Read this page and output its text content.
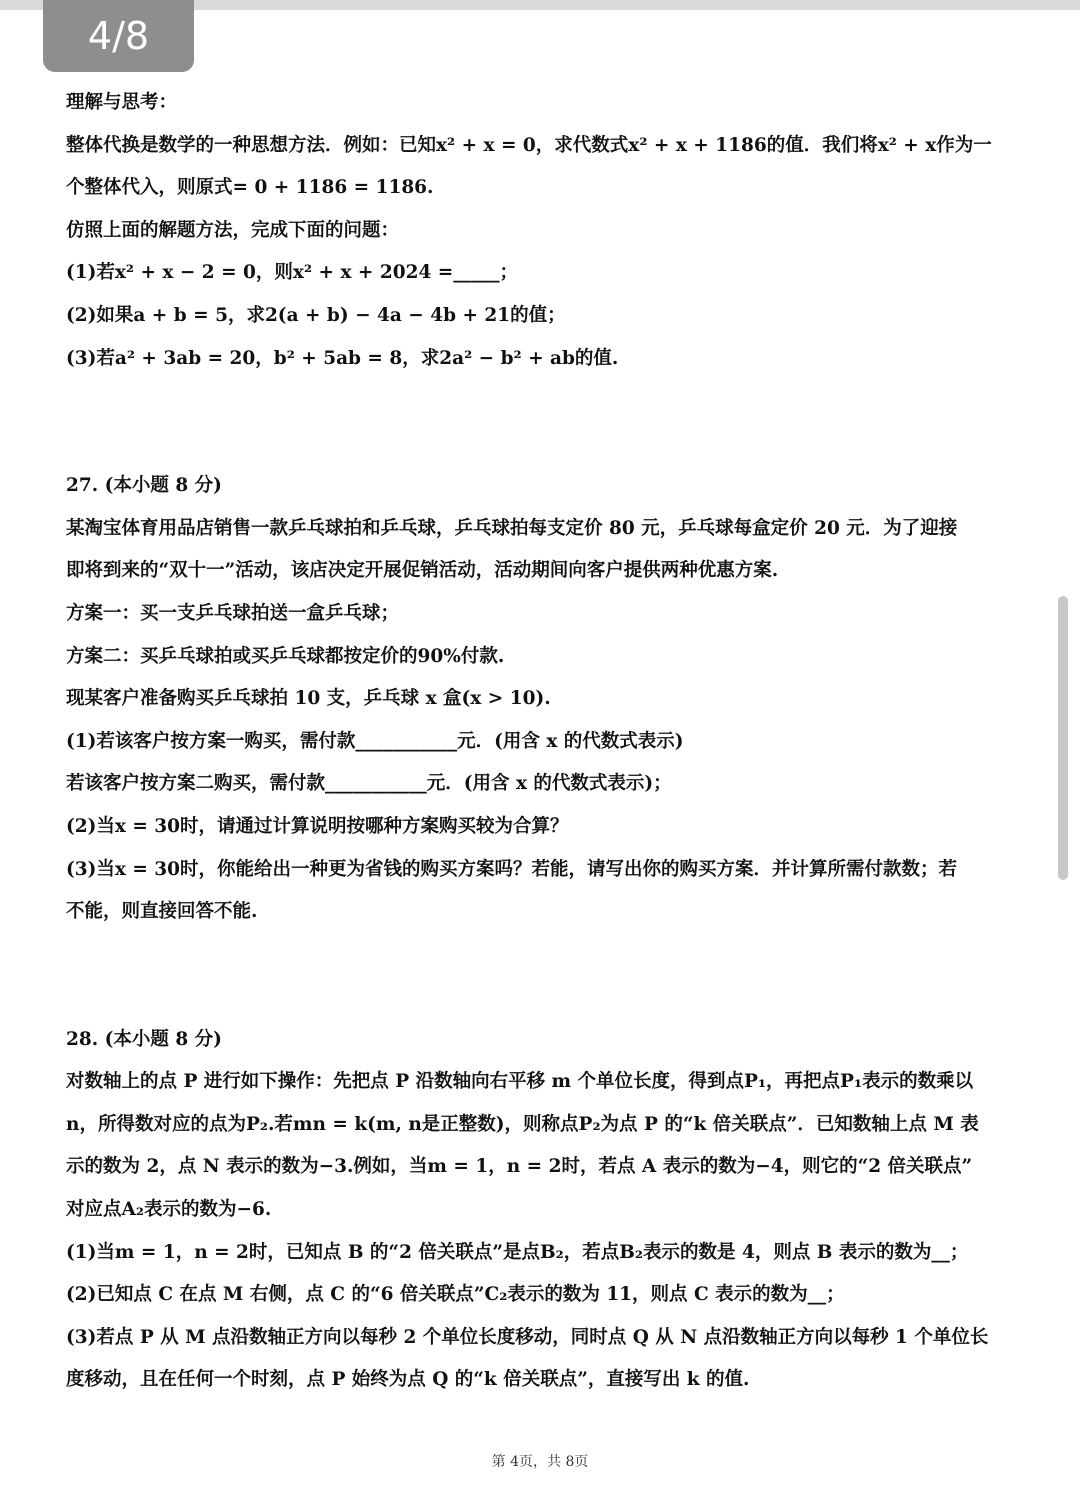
4/8
理解与思考：
整体代换是数学的一种思想方法．例如：已知x² + x = 0，求代数式x² + x + 1186的值．我们将x² + x作为一
个整体代入，则原式= 0 + 1186 = 1186.
仿照上面的解题方法，完成下面的问题：
(1)若x² + x − 2 = 0，则x² + x + 2024 =_____；
(2)如果a + b = 5，求2(a + b) − 4a − 4b + 21的值；
(3)若a² + 3ab = 20，b² + 5ab = 8，求2a² − b² + ab的值.
27. (本小题 8 分)
某淘宝体育用品店销售一款乒乓球拍和乒乓球，乒乓球拍每支定价 80 元，乒乓球每盒定价 20 元．为了迎接
即将到来的“双十一”活动，该店决定开展促销活动，活动期间向客户提供两种优惠方案.
方案一：买一支乒乓球拍送一盒乒乓球；
方案二：买乒乓球拍或买乒乓球都按定价的90%付款.
现某客户准备购买乒乓球拍 10 支，乒乓球 x 盒(x > 10).
(1)若该客户按方案一购买，需付款___________元．(用含 x 的代数式表示)
若该客户按方案二购买，需付款___________元．(用含 x 的代数式表示)；
(2)当x = 30时，请通过计算说明按哪种方案购买较为合算？
(3)当x = 30时，你能给出一种更为省钱的购买方案吗？若能，请写出你的购买方案．并计算所需付款数；若
不能，则直接回答不能.
28. (本小题 8 分)
对数轴上的点 P 进行如下操作：先把点 P 沿数轴向右平移 m 个单位长度，得到点P₁，再把点P₁表示的数乘以
n，所得数对应的点为P₂.若mn = k(m, n是正整数)，则称点P₂为点 P 的“k 倍关联点”．已知数轴上点 M 表
示的数为 2，点 N 表示的数为−3.例如，当m = 1，n = 2时，若点 A 表示的数为−4，则它的“2 倍关联点”
对应点A₂表示的数为−6.
(1)当m = 1，n = 2时，已知点 B 的“2 倍关联点”是点B₂，若点B₂表示的数是 4，则点 B 表示的数为__；
(2)已知点 C 在点 M 右侧，点 C 的“6 倍关联点”C₂表示的数为 11，则点 C 表示的数为__；
(3)若点 P 从 M 点沿数轴正方向以每秒 2 个单位长度移动，同时点 Q 从 N 点沿数轴正方向以每秒 1 个单位长
度移动，且在任何一个时刻，点 P 始终为点 Q 的“k 倍关联点”，直接写出 k 的值.
第 4页，共 8页
